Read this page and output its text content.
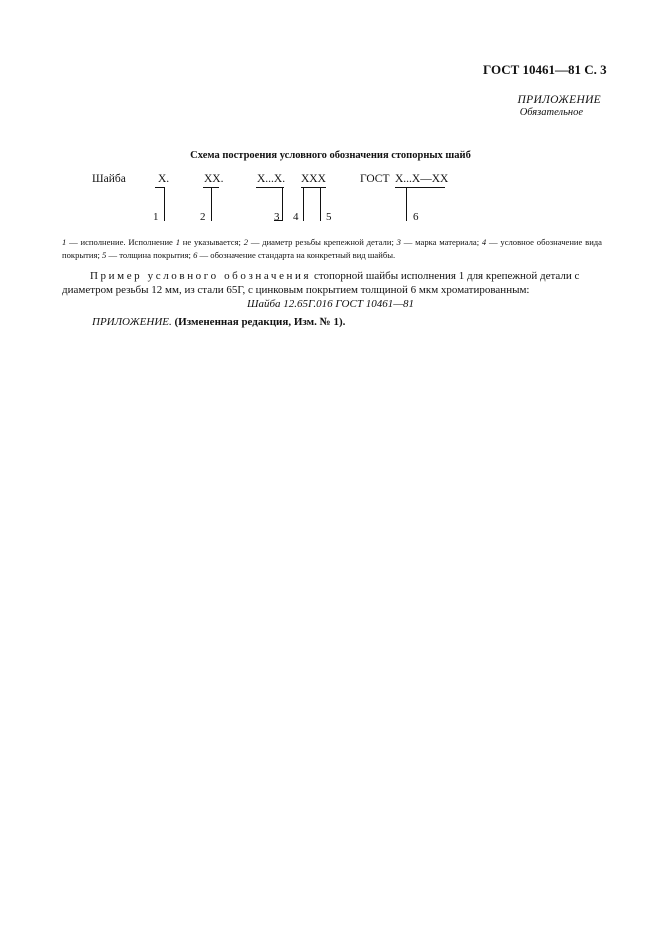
ГОСТ 10461—81 С. 3
ПРИЛОЖЕНИЕ
Обязательное
Схема построения условного обозначения стопорных шайб
Шайба	Х.	ХХ.	Х...Х. ХХХ	ГОСТ Х...Х—ХХ
1	2	3 4	5	6
1 — исполнение. Исполнение 1 не указывается; 2 — диаметр резьбы крепежной детали; 3 — марка материала; 4 — условное обозначение вида покрытия; 5 — толщина покрытия; 6 — обозначение стандарта на конкретный вид шайбы.
Пример условного обозначения стопорной шайбы исполнения 1 для крепежной детали с диаметром резьбы 12 мм, из стали 65Г, с цинковым покрытием толщиной 6 мкм хроматированным:
Шайба 12.65Г.016 ГОСТ 10461—81
ПРИЛОЖЕНИЕ. (Измененная редакция, Изм. № 1).
